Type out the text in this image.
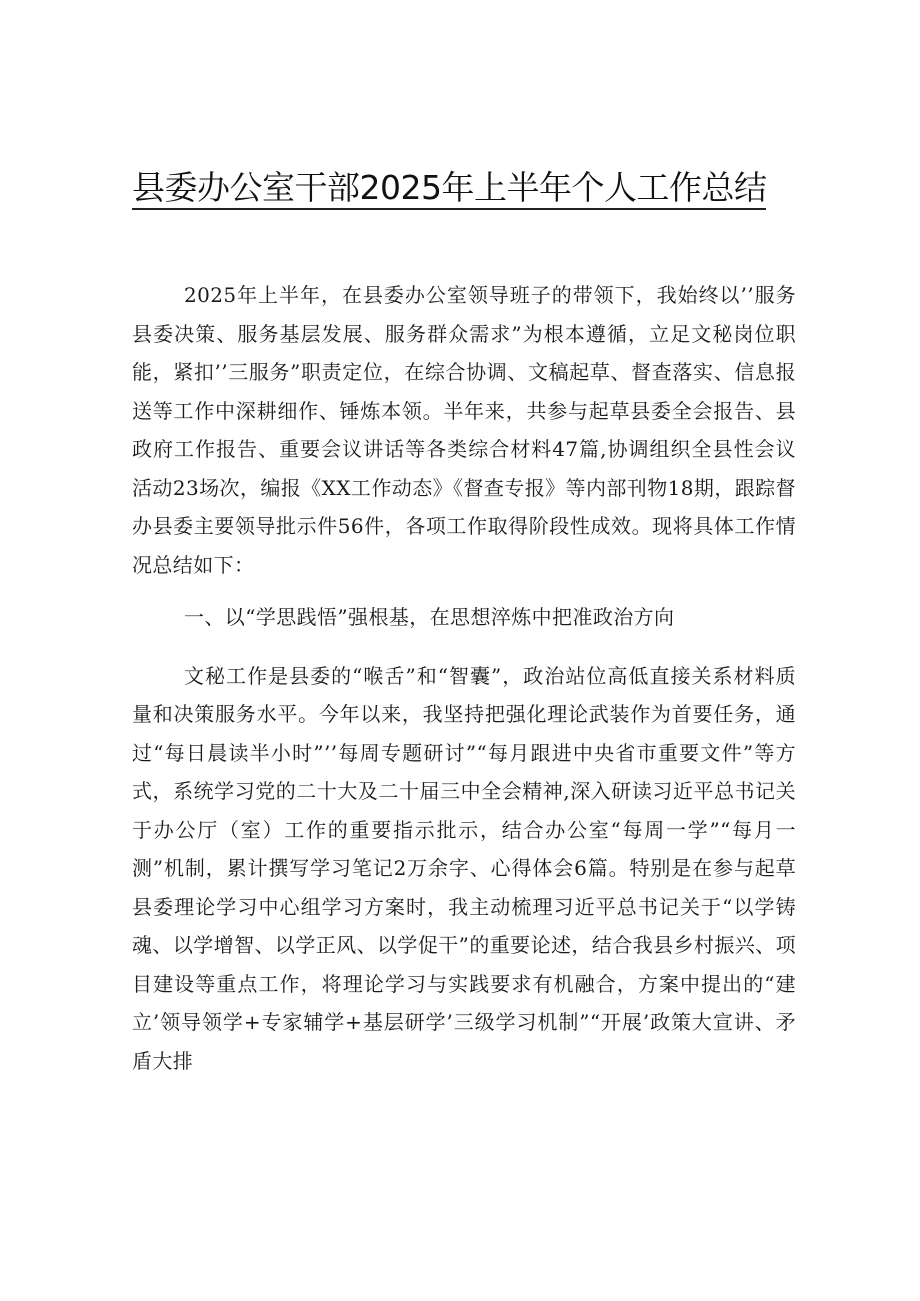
县委办公室干部2025年上半年个人工作总结

2025年上半年，在县委办公室领导班子的带领下，我始终以’’服务县委决策、服务基层发展、服务群众需求”为根本遵循，立足文秘岗位职能，紧扣’’三服务”职责定位，在综合协调、文稿起草、督查落实、信息报送等工作中深耕细作、锤炼本领。半年来，共参与起草县委全会报告、县政府工作报告、重要会议讲话等各类综合材料47篇,协调组织全县性会议活动23场次，编报《XX工作动态》《督查专报》等内部刊物18期，跟踪督办县委主要领导批示件56件，各项工作取得阶段性成效。现将具体工作情况总结如下：

一、以“学思践悟”强根基，在思想淬炼中把准政治方向

文秘工作是县委的“喉舌”和“智囊”，政治站位高低直接关系材料质量和决策服务水平。今年以来，我坚持把强化理论武装作为首要任务，通过“每日晨读半小时”’’每周专题研讨”“每月跟进中央省市重要文件”等方式，系统学习党的二十大及二十届三中全会精神,深入研读习近平总书记关于办公厅（室）工作的重要指示批示，结合办公室“每周一学”“每月一测”机制，累计撰写学习笔记2万余字、心得体会6篇。特别是在参与起草县委理论学习中心组学习方案时，我主动梳理习近平总书记关于“以学铸魂、以学增智、以学正风、以学促干”的重要论述，结合我县乡村振兴、项目建设等重点工作，将理论学习与实践要求有机融合，方案中提出的“建立’领导领学+专家辅学+基层研学’三级学习机制”“开展’政策大宣讲、矛盾大排
